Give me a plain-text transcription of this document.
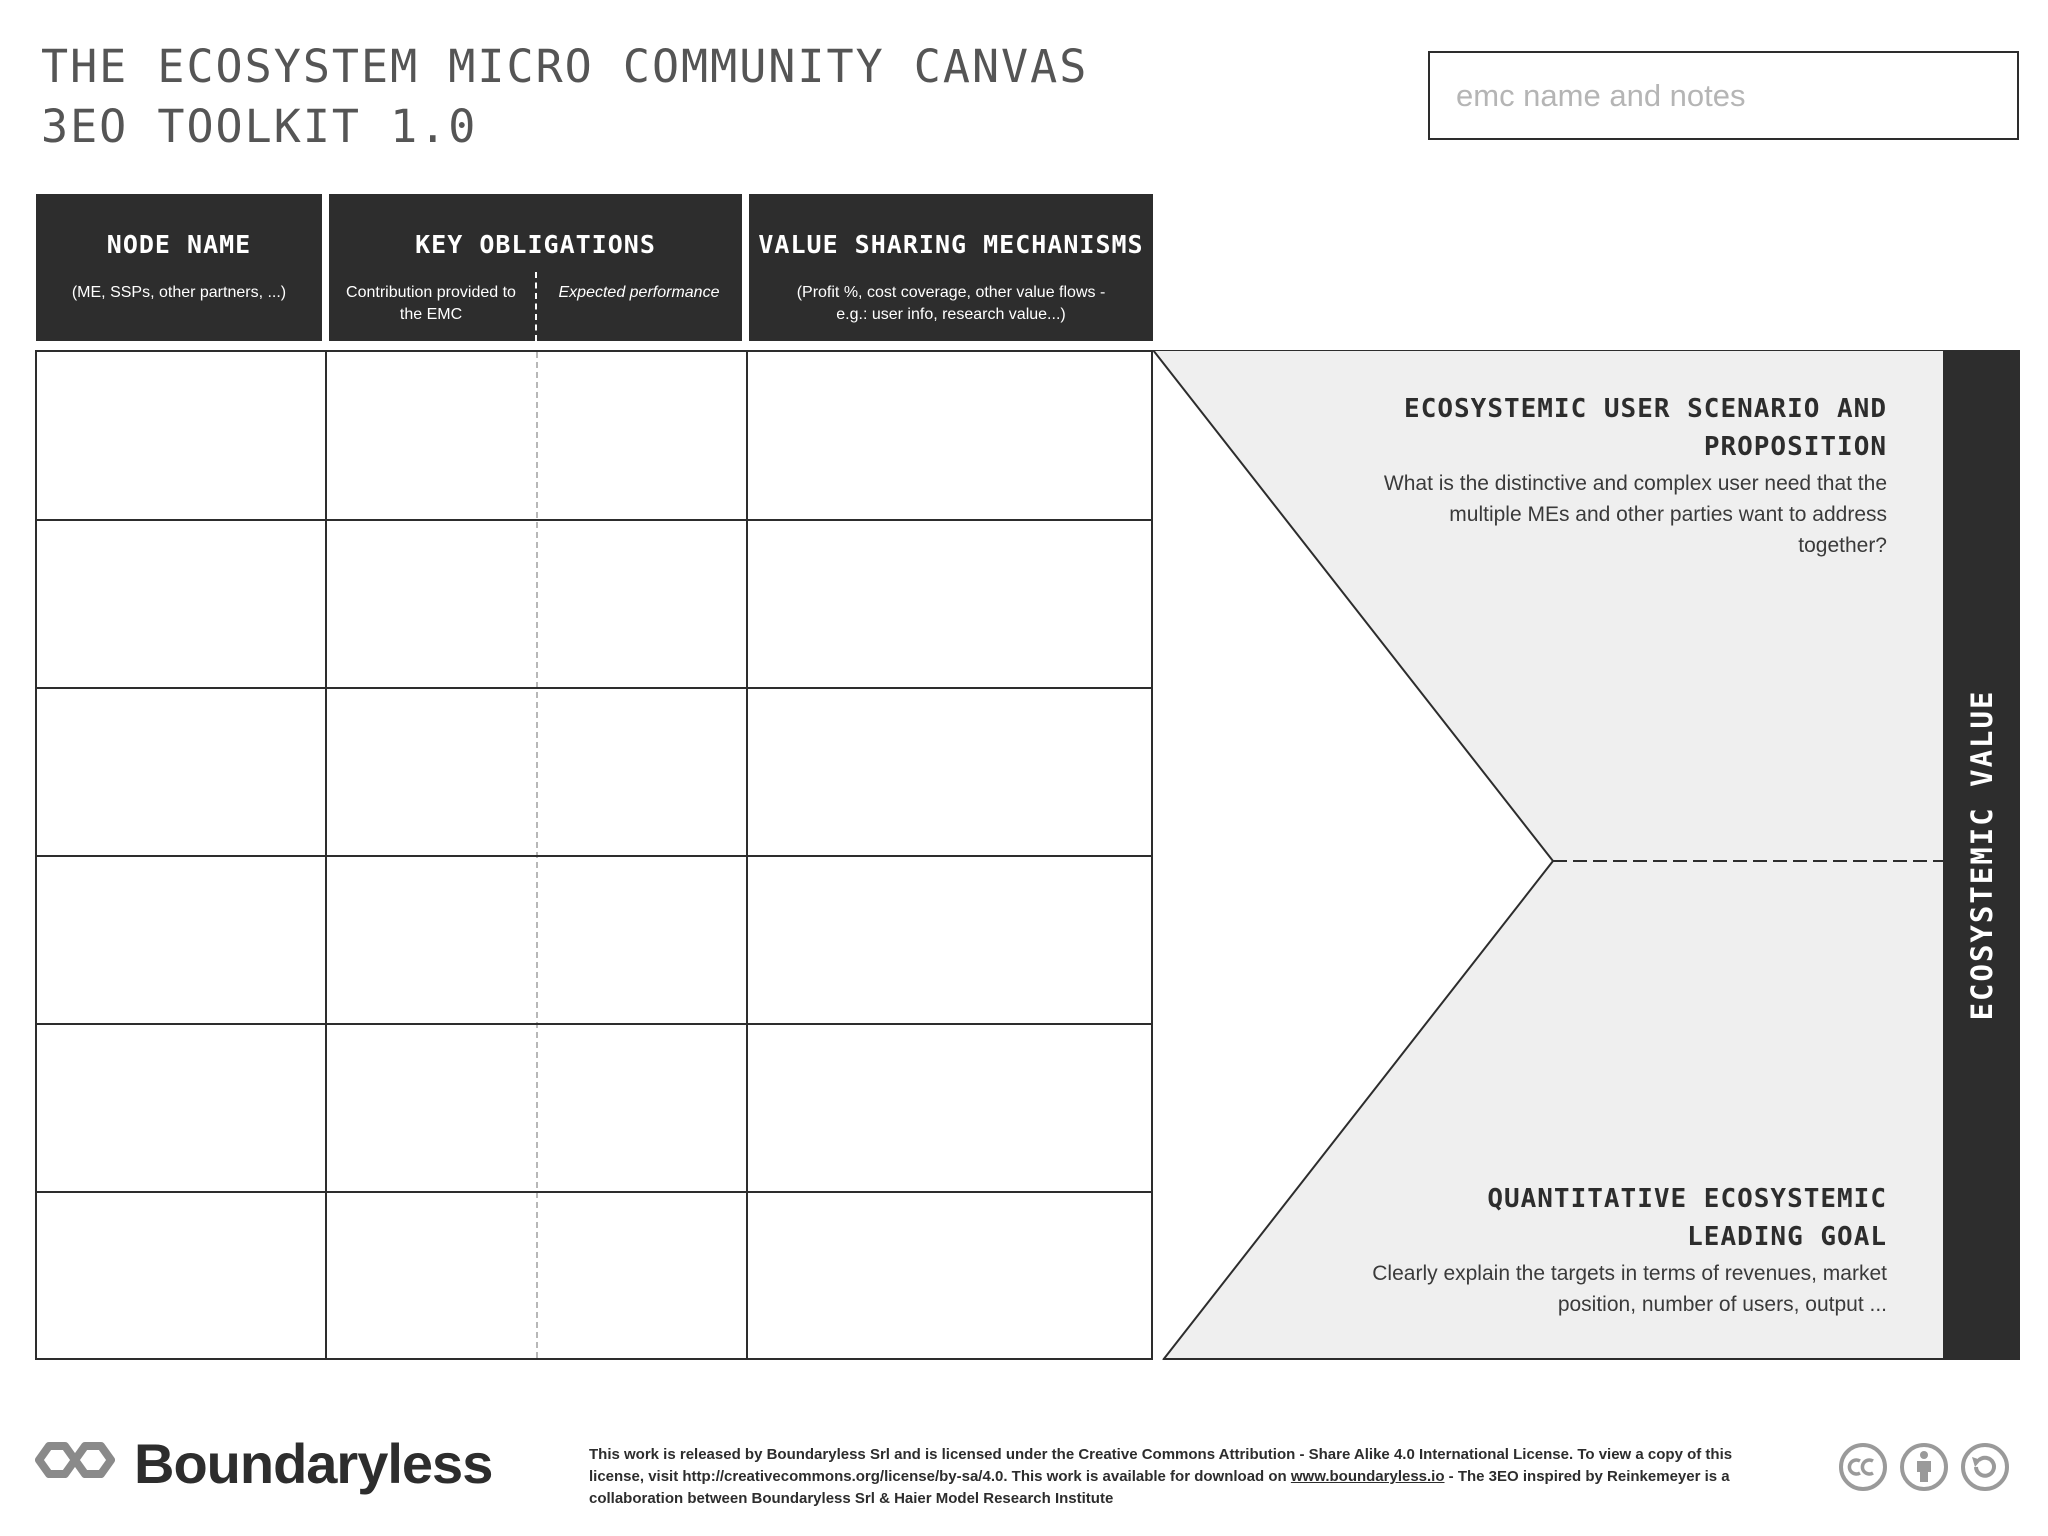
THE ECOSYSTEM MICRO COMMUNITY CANVAS
3EO TOOLKIT 1.0
emc name and notes
NODE NAME
(ME, SSPs, other partners, ...)
KEY OBLIGATIONS
Contribution provided to the EMC
Expected performance
VALUE SHARING MECHANISMS
(Profit %, cost coverage, other value flows - e.g.: user info, research value...)
ECOSYSTEMIC USER SCENARIO AND PROPOSITION
What is the distinctive and complex user need that the multiple MEs and other parties want to address together?
QUANTITATIVE ECOSYSTEMIC LEADING GOAL
Clearly explain the targets in terms of revenues, market position, number of users, output ...
ECOSYSTEMIC VALUE
Boundaryless	This work is released by Boundaryless Srl and is licensed under the Creative Commons Attribution - Share Alike 4.0 International License. To view a copy of this license, visit http://creativecommons.org/license/by-sa/4.0. This work is available for download on www.boundaryless.io - The 3EO inspired by Reinkemeyer is a collaboration between Boundaryless Srl & Haier Model Research Institute
